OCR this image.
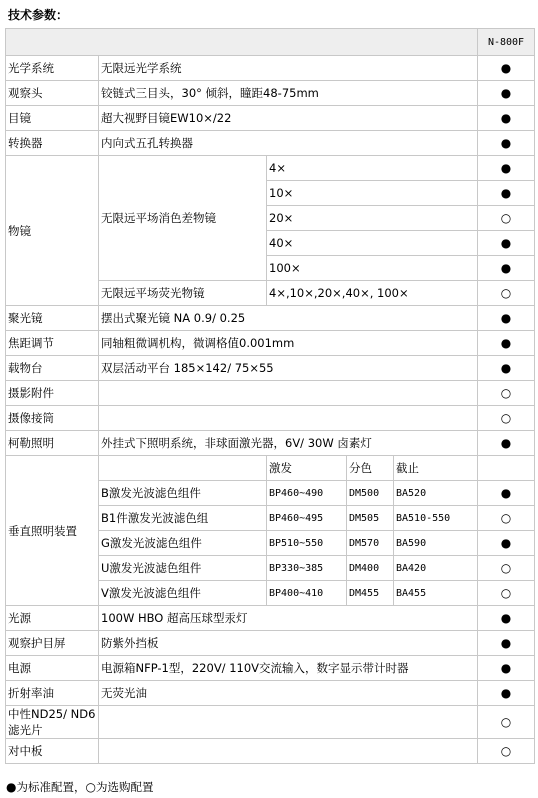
技术参数：
					N-800F
光学系统	无限远光学系统				●
观察头	铰链式三目头，30° 倾斜，瞳距48-75mm				●
目镜	超大视野目镜EW10×/22				●
转换器	内向式五孔转换器				●
物镜	无限远平场消色差物镜	4×			●
		10×			●
		20×			○
		40×			●
		100×			●
	无限远平场荧光物镜	4×,10×,20×,40×, 100×			○
聚光镜	摆出式聚光镜 NA 0.9/ 0.25				●
焦距调节	同轴粗微调机构，微调格值0.001mm				●
载物台	双层活动平台 185×142/ 75×55				●
摄影附件					○
摄像接筒					○
柯勒照明	外挂式下照明系统，非球面激光器，6V/ 30W 卤素灯				●
垂直照明装置		激发	分色	截止	
	B激发光波滤色组件	BP460~490	DM500	BA520	●
	B1件激发光波滤色组	BP460~495	DM505	BA510-550	○
	G激发光波滤色组件	BP510~550	DM570	BA590	●
	U激发光波滤色组件	BP330~385	DM400	BA420	○
	V激发光波滤色组件	BP400~410	DM455	BA455	○
光源	100W HBO 超高压球型汞灯				●
观察护目屏	防紫外挡板				●
电源	电源箱NFP-1型，220V/ 110V交流输入，数字显示带计时器				●
折射率油	无荧光油				●
中性ND25/ ND6滤光片					○
对中板					○
●为标准配置，○为选购配置
